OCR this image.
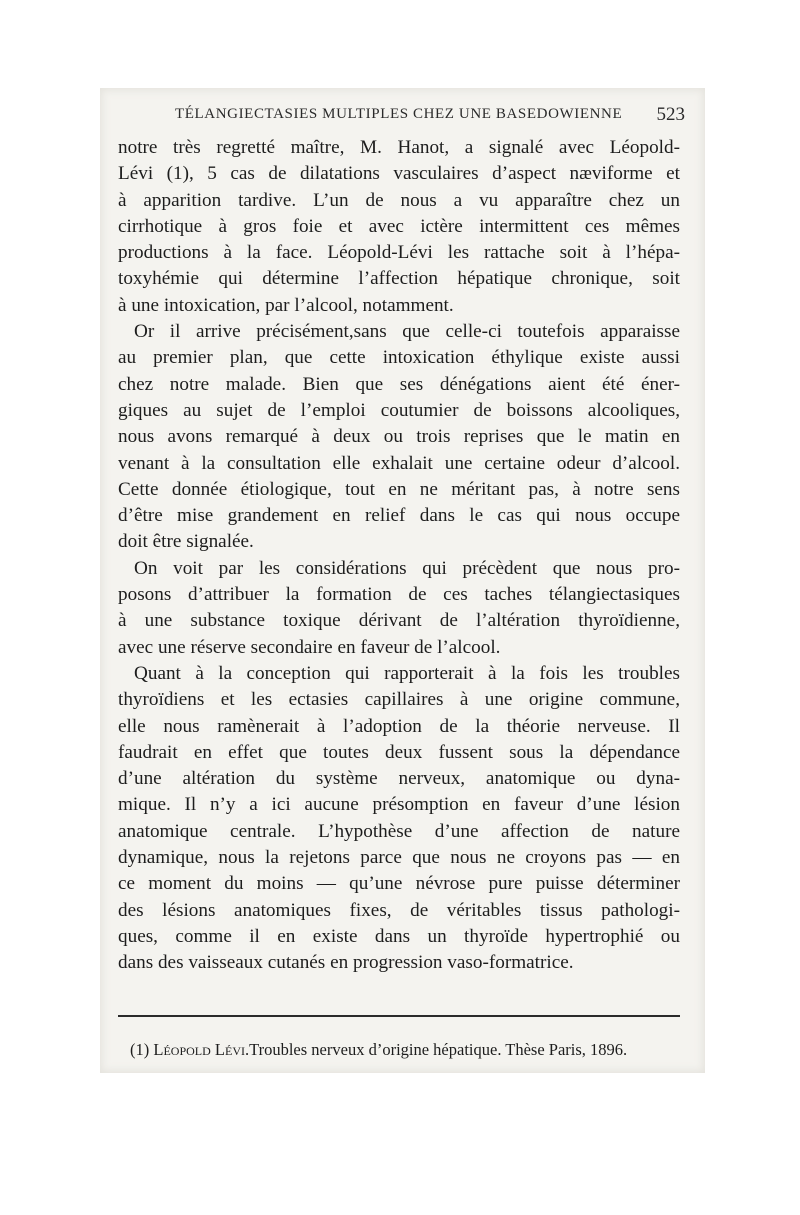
TÉLANGIECTASIES MULTIPLES CHEZ UNE BASEDOWIENNE 523
notre très regretté maître, M. Hanot, a signalé avec Léopold-
Lévi (1), 5 cas de dilatations vasculaires d’aspect næviforme et
à apparition tardive. L’un de nous a vu apparaître chez un
cirrhotique à gros foie et avec ictère intermittent ces mêmes
productions à la face. Léopold-Lévi les rattache soit à l’hépa-
toxyhémie qui détermine l’affection hépatique chronique, soit
à une intoxication, par l’alcool, notamment.
Or il arrive précisément,sans que celle-ci toutefois apparaisse
au premier plan, que cette intoxication éthylique existe aussi
chez notre malade. Bien que ses dénégations aient été éner-
giques au sujet de l’emploi coutumier de boissons alcooliques,
nous avons remarqué à deux ou trois reprises que le matin en
venant à la consultation elle exhalait une certaine odeur d’alcool.
Cette donnée étiologique, tout en ne méritant pas, à notre sens
d’être mise grandement en relief dans le cas qui nous occupe
doit être signalée.
On voit par les considérations qui précèdent que nous pro-
posons d’attribuer la formation de ces taches télangiectasiques
à une substance toxique dérivant de l’altération thyroïdienne,
avec une réserve secondaire en faveur de l’alcool.
Quant à la conception qui rapporterait à la fois les troubles
thyroïdiens et les ectasies capillaires à une origine commune,
elle nous ramènerait à l’adoption de la théorie nerveuse. Il
faudrait en effet que toutes deux fussent sous la dépendance
d’une altération du système nerveux, anatomique ou dyna-
mique. Il n’y a ici aucune présomption en faveur d’une lésion
anatomique centrale. L’hypothèse d’une affection de nature
dynamique, nous la rejetons parce que nous ne croyons pas — en
ce moment du moins — qu’une névrose pure puisse déterminer
des lésions anatomiques fixes, de véritables tissus pathologi-
ques, comme il en existe dans un thyroïde hypertrophié ou
dans des vaisseaux cutanés en progression vaso-formatrice.
(1) Léopold Lévi.Troubles nerveux d’origine hépatique. Thèse Paris, 1896.
